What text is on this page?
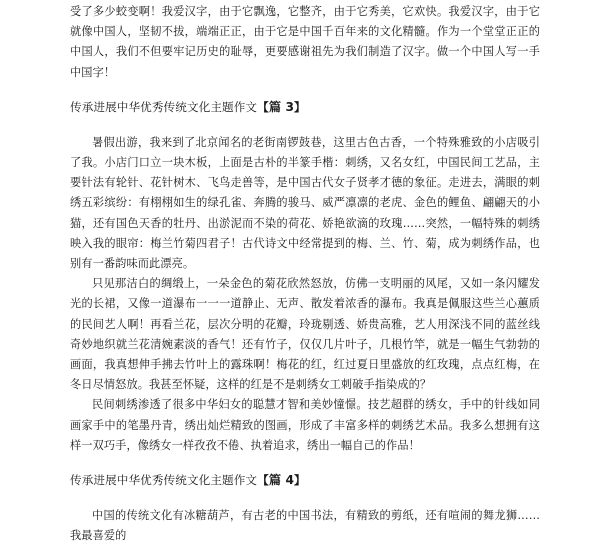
受了多少蛟变啊！我爱汉字，由于它飘逸，它整齐，由于它秀美，它欢快。我爱汉字，由于它就像中国人，坚韧不拔，端端正正，由于它是中国千百年来的文化精髓。作为一个堂堂正正的中国人，我们不但要牢记历史的耻辱，更要感谢祖先为我们制造了汉字。做一个中国人写一手中国字！

传承进展中华优秀传统文化主题作文【篇 3】

暑假出游，我来到了北京闻名的老街南锣鼓巷，这里古色古香，一个特殊雅致的小店吸引了我。小店门口立一块木板，上面是古朴的半篆手楷：刺绣，又名女红，中国民间工艺品，主要针法有轮针、花针树木、飞鸟走兽等，是中国古代女子贤孝才德的象征。走进去，满眼的刺绣五彩缤纷：有栩栩如生的绿孔雀、奔腾的骏马、威严凛凛的老虎、金色的鲤鱼、翩翩天的小猫，还有国色天香的牡丹、出淤泥而不染的荷花、娇艳欲滴的玫瑰……突然，一幅特殊的刺绣映入我的眼帘：梅兰竹菊四君子！古代诗文中经常提到的梅、兰、竹、菊，成为刺绣作品，也别有一番韵味而此漂亮。

只见那洁白的绸缎上，一朵金色的菊花欣然怒放，仿佛一支明丽的风尾，又如一条闪耀发光的长裙，又像一道瀑布一一一道静止、无声、散发着浓香的瀑布。我真是佩服这些兰心蕙质的民间艺人啊！再看兰花，层次分明的花瓣，玲珑剔透、娇贵高雅，艺人用深浅不同的蓝丝线奇妙地织就兰花清婉素淡的香气！还有竹子，仅仅几片叶子，几根竹竿，就是一幅生气勃勃的画面，我真想伸手拂去竹叶上的露珠啊！梅花的红，红过夏日里盛放的红玫瑰，点点红梅，在冬日尽情怒放。我甚至怀疑，这样的红是不是刺绣女工刺破手指染成的？

民间刺绣渗透了很多中华妇女的聪慧才智和美妙憧憬。技艺超群的绣女，手中的针线如同画家手中的笔墨丹青，绣出灿烂精致的图画，形成了丰富多样的刺绣艺术品。我多么想拥有这样一双巧手，像绣女一样孜孜不倦、执着追求，绣出一幅自己的作品！

传承进展中华优秀传统文化主题作文【篇 4】

中国的传统文化有冰糖葫芦，有古老的中国书法，有精致的剪纸，还有喧闹的舞龙狮……我最喜爱的
